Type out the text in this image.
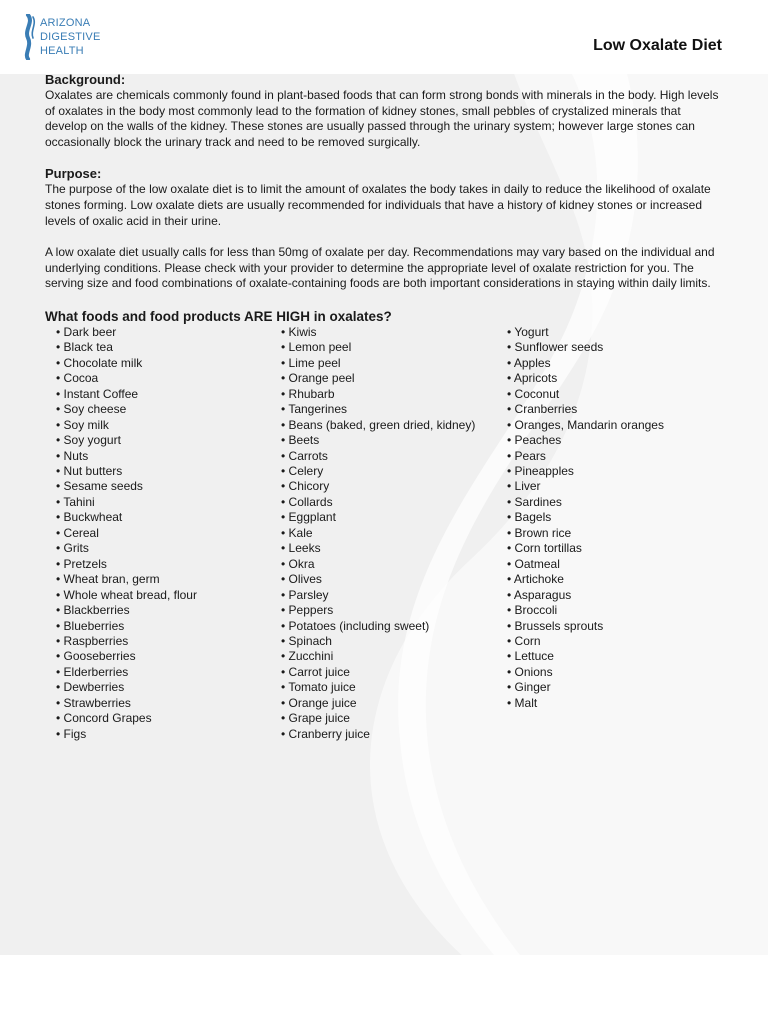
ARIZONA
DIGESTIVE
HEALTH	Low Oxalate Diet

Background:

Oxalates are chemicals commonly found in plant-based foods that can form strong bonds with minerals in the body. High levels of oxalates in the body most commonly lead to the formation of kidney stones, small pebbles of crystalized minerals that develop on the walls of the kidney. These stones are usually passed through the urinary system; however large stones can occasionally block the urinary track and need to be removed surgically.

Purpose:

The purpose of the low oxalate diet is to limit the amount of oxalates the body takes in daily to reduce the likelihood of oxalate stones forming. Low oxalate diets are usually recommended for individuals that have a history of kidney stones or increased levels of oxalic acid in their urine.

A low oxalate diet usually calls for less than 50mg of oxalate per day. Recommendations may vary based on the individual and underlying conditions. Please check with your provider to determine the appropriate level of oxalate restriction for you. The serving size and food combinations of oxalate-containing foods are both important considerations in staying within daily limits.

What foods and food products ARE HIGH in oxalates?

• Dark beer
• Black tea
• Chocolate milk
• Cocoa
• Instant Coffee
• Soy cheese
• Soy milk
• Soy yogurt
• Nuts
• Nut butters
• Sesame seeds
• Tahini
• Buckwheat
• Cereal
• Grits
• Pretzels
• Wheat bran, germ
• Whole wheat bread, flour
• Blackberries
• Blueberries
• Raspberries
• Gooseberries
• Elderberries
• Dewberries
• Strawberries
• Concord Grapes
• Figs
• Kiwis
• Lemon peel
• Lime peel
• Orange peel
• Rhubarb
• Tangerines
• Beans (baked, green dried, kidney)
• Beets
• Carrots
• Celery
• Chicory
• Collards
• Eggplant
• Kale
• Leeks
• Okra
• Olives
• Parsley
• Peppers
• Potatoes (including sweet)
• Spinach
• Zucchini
• Carrot juice
• Tomato juice
• Orange juice
• Grape juice
• Cranberry juice
• Yogurt
• Sunflower seeds
• Apples
• Apricots
• Coconut
• Cranberries
• Oranges, Mandarin oranges
• Peaches
• Pears
• Pineapples
• Liver
• Sardines
• Bagels
• Brown rice
• Corn tortillas
• Oatmeal
• Artichoke
• Asparagus
• Broccoli
• Brussels sprouts
• Corn
• Lettuce
• Onions
• Ginger
• Malt
